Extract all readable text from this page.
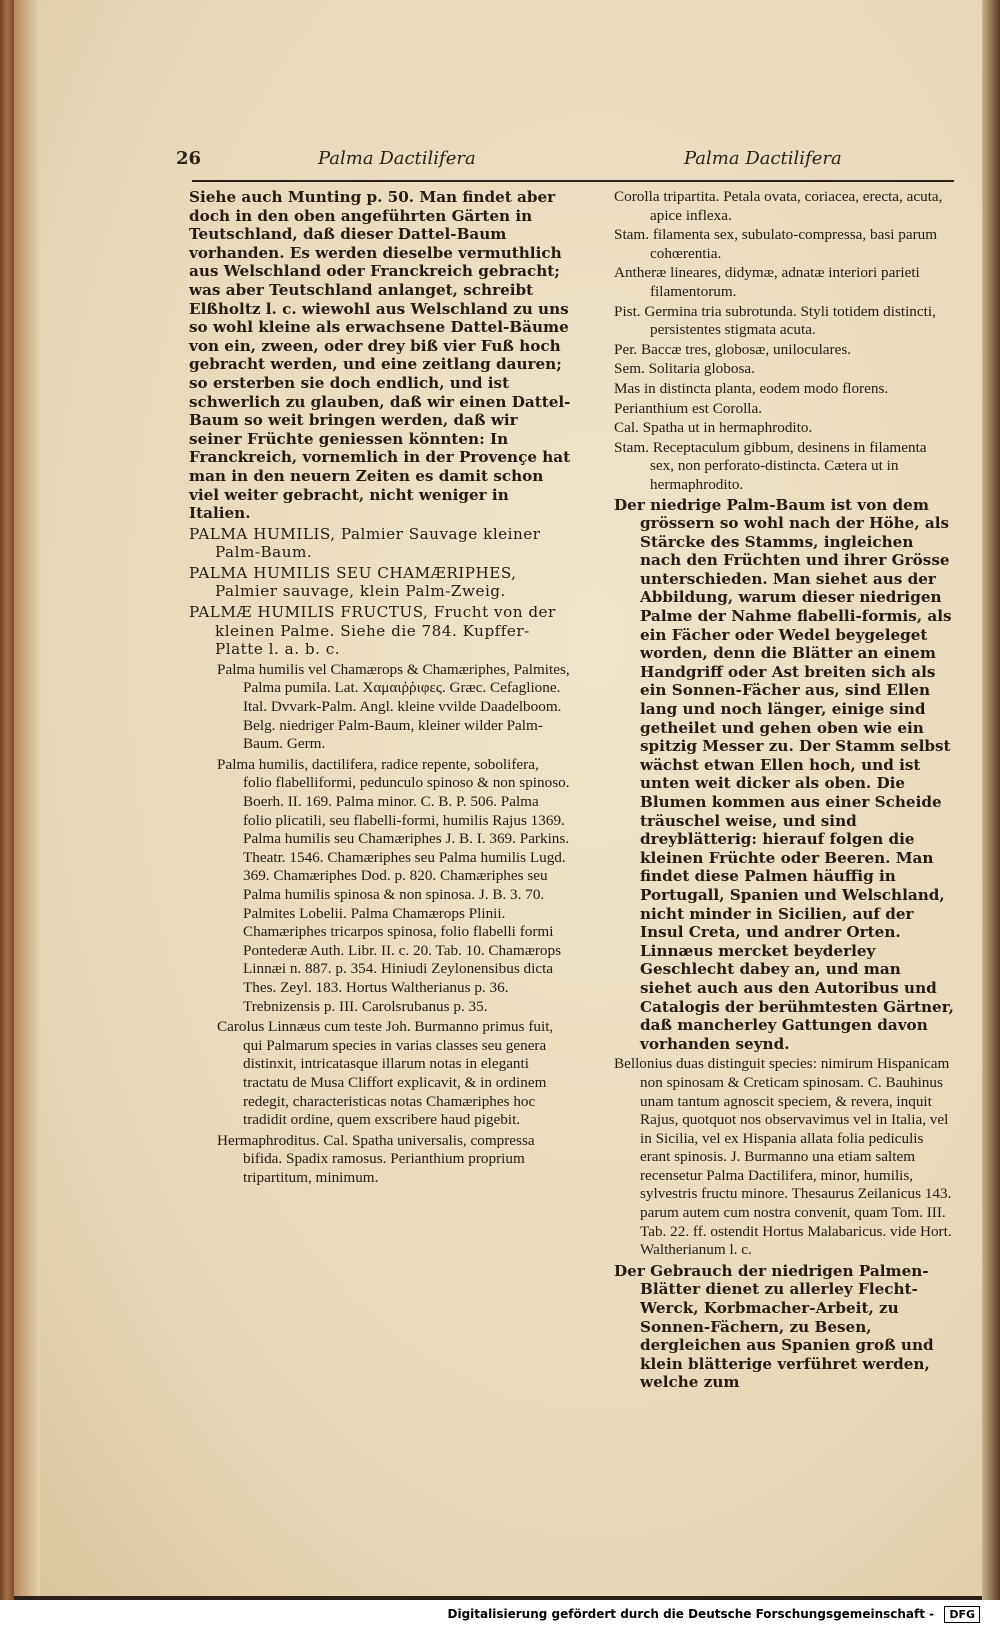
26	Palma Dactilifera	Palma Dactilifera

Siehe auch Munting p. 50. Man findet aber doch in den oben angeführten Gärten in Teutschland, daß dieser Dattel-Baum vorhanden. Es werden dieselbe vermuthlich aus Welschland oder Franckreich gebracht; was aber Teutschland anlanget, schreibt Elßholtz l. c. wiewohl aus Welschland zu uns so wohl kleine als erwachsene Dattel-Bäume von ein, zween, oder drey biß vier Fuß hoch gebracht werden, und eine zeitlang dauren; so ersterben sie doch endlich, und ist schwerlich zu glauben, daß wir einen Dattel-Baum so weit bringen werden, daß wir seiner Früchte geniessen könnten: In Franckreich, vornemlich in der Provençe hat man in den neuern Zeiten es damit schon viel weiter gebracht, nicht weniger in Italien.

PALMA HUMILIS, Palmier Sauvage kleiner Palm-Baum.

PALMA HUMILIS SEU CHAMÆRIPHES, Palmier sauvage, klein Palm-Zweig.

PALMÆ HUMILIS FRUCTUS, Frucht von der kleinen Palme. Siehe die 784. Kupffer-Platte l. a. b. c.

Palma humilis vel Chamærops & Chamæriphes, Palmites, Palma pumila. Lat. Χαμαιῤῥιφες. Græc. Cefaglione. Ital. Dvvark-Palm. Angl. kleine vvilde Daadelboom. Belg. niedriger Palm-Baum, kleiner wilder Palm-Baum. Germ.

Palma humilis, dactilifera, radice repente, sobolifera, folio flabelliformi, pedunculo spinoso & non spinoso. Boerh. II. 169. Palma minor. C. B. P. 506. Palma folio plicatili, seu flabelli-formi, humilis Rajus 1369. Palma humilis seu Chamæriphes J. B. I. 369. Parkins. Theatr. 1546. Chamæriphes seu Palma humilis Lugd. 369. Chamæriphes Dod. p. 820. Chamæriphes seu Palma humilis spinosa & non spinosa. J. B. 3. 70. Palmites Lobelii. Palma Chamærops Plinii. Chamæriphes tricarpos spinosa, folio flabelli formi Pontederæ Auth. Libr. II. c. 20. Tab. 10. Chamærops Linnæi n. 887. p. 354. Hiniudi Zeylonensibus dicta Thes. Zeyl. 183. Hortus Waltherianus p. 36. Trebnizensis p. III. Carolsrubanus p. 35.

Carolus Linnæus cum teste Joh. Burmanno primus fuit, qui Palmarum species in varias classes seu genera distinxit, intricatasque illarum notas in eleganti tractatu de Musa Cliffort explicavit, & in ordinem redegit, characteristicas notas Chamæriphes hoc tradidit ordine, quem exscribere haud pigebit.

Hermaphroditus. Cal. Spatha universalis, compressa bifida. Spadix ramosus. Perianthium proprium tripartitum, minimum.

Corolla tripartita. Petala ovata, coriacea, erecta, acuta, apice inflexa.

Stam. filamenta sex, subulato-compressa, basi parum cohœrentia.

Antheræ lineares, didymæ, adnatæ interiori parieti filamentorum.

Pist. Germina tria subrotunda. Styli totidem distincti, persistentes stigmata acuta.

Per. Baccæ tres, globosæ, uniloculares.

Sem. Solitaria globosa.

Mas in distincta planta, eodem modo florens.

Perianthium est Corolla.

Cal. Spatha ut in hermaphrodito.

Stam. Receptaculum gibbum, desinens in filamenta sex, non perforato-distincta. Cætera ut in hermaphrodito.

Der niedrige Palm-Baum ist von dem grössern so wohl nach der Höhe, als Stärcke des Stamms, ingleichen nach den Früchten und ihrer Grösse unterschieden. Man siehet aus der Abbildung, warum dieser niedrigen Palme der Nahme flabelli-formis, als ein Fächer oder Wedel beygeleget worden, denn die Blätter an einem Handgriff oder Ast breiten sich als ein Sonnen-Fächer aus, sind Ellen lang und noch länger, einige sind getheilet und gehen oben wie ein spitzig Messer zu. Der Stamm selbst wächst etwan Ellen hoch, und ist unten weit dicker als oben. Die Blumen kommen aus einer Scheide träuschel weise, und sind dreyblätterig: hierauf folgen die kleinen Früchte oder Beeren. Man findet diese Palmen häuffig in Portugall, Spanien und Welschland, nicht minder in Sicilien, auf der Insul Creta, und andrer Orten. Linnæus mercket beyderley Geschlecht dabey an, und man siehet auch aus den Autoribus und Catalogis der berühmtesten Gärtner, daß mancherley Gattungen davon vorhanden seynd.

Bellonius duas distinguit species: nimirum Hispanicam non spinosam & Creticam spinosam. C. Bauhinus unam tantum agnoscit speciem, & revera, inquit Rajus, quotquot nos observavimus vel in Italia, vel in Sicilia, vel ex Hispania allata folia pediculis erant spinosis. J. Burmanno una etiam saltem recensetur Palma Dactilifera, minor, humilis, sylvestris fructu minore. Thesaurus Zeilanicus 143. parum autem cum nostra convenit, quam Tom. III. Tab. 22. ff. ostendit Hortus Malabaricus. vide Hort. Waltherianum l. c.

Der Gebrauch der niedrigen Palmen-Blätter dienet zu allerley Flecht-Werck, Korbmacher-Arbeit, zu Sonnen-Fächern, zu Besen, dergleichen aus Spanien groß und klein blätterige verführet werden, welche zum

Digitalisierung gefördert durch die Deutsche Forschungsgemeinschaft - DFG
